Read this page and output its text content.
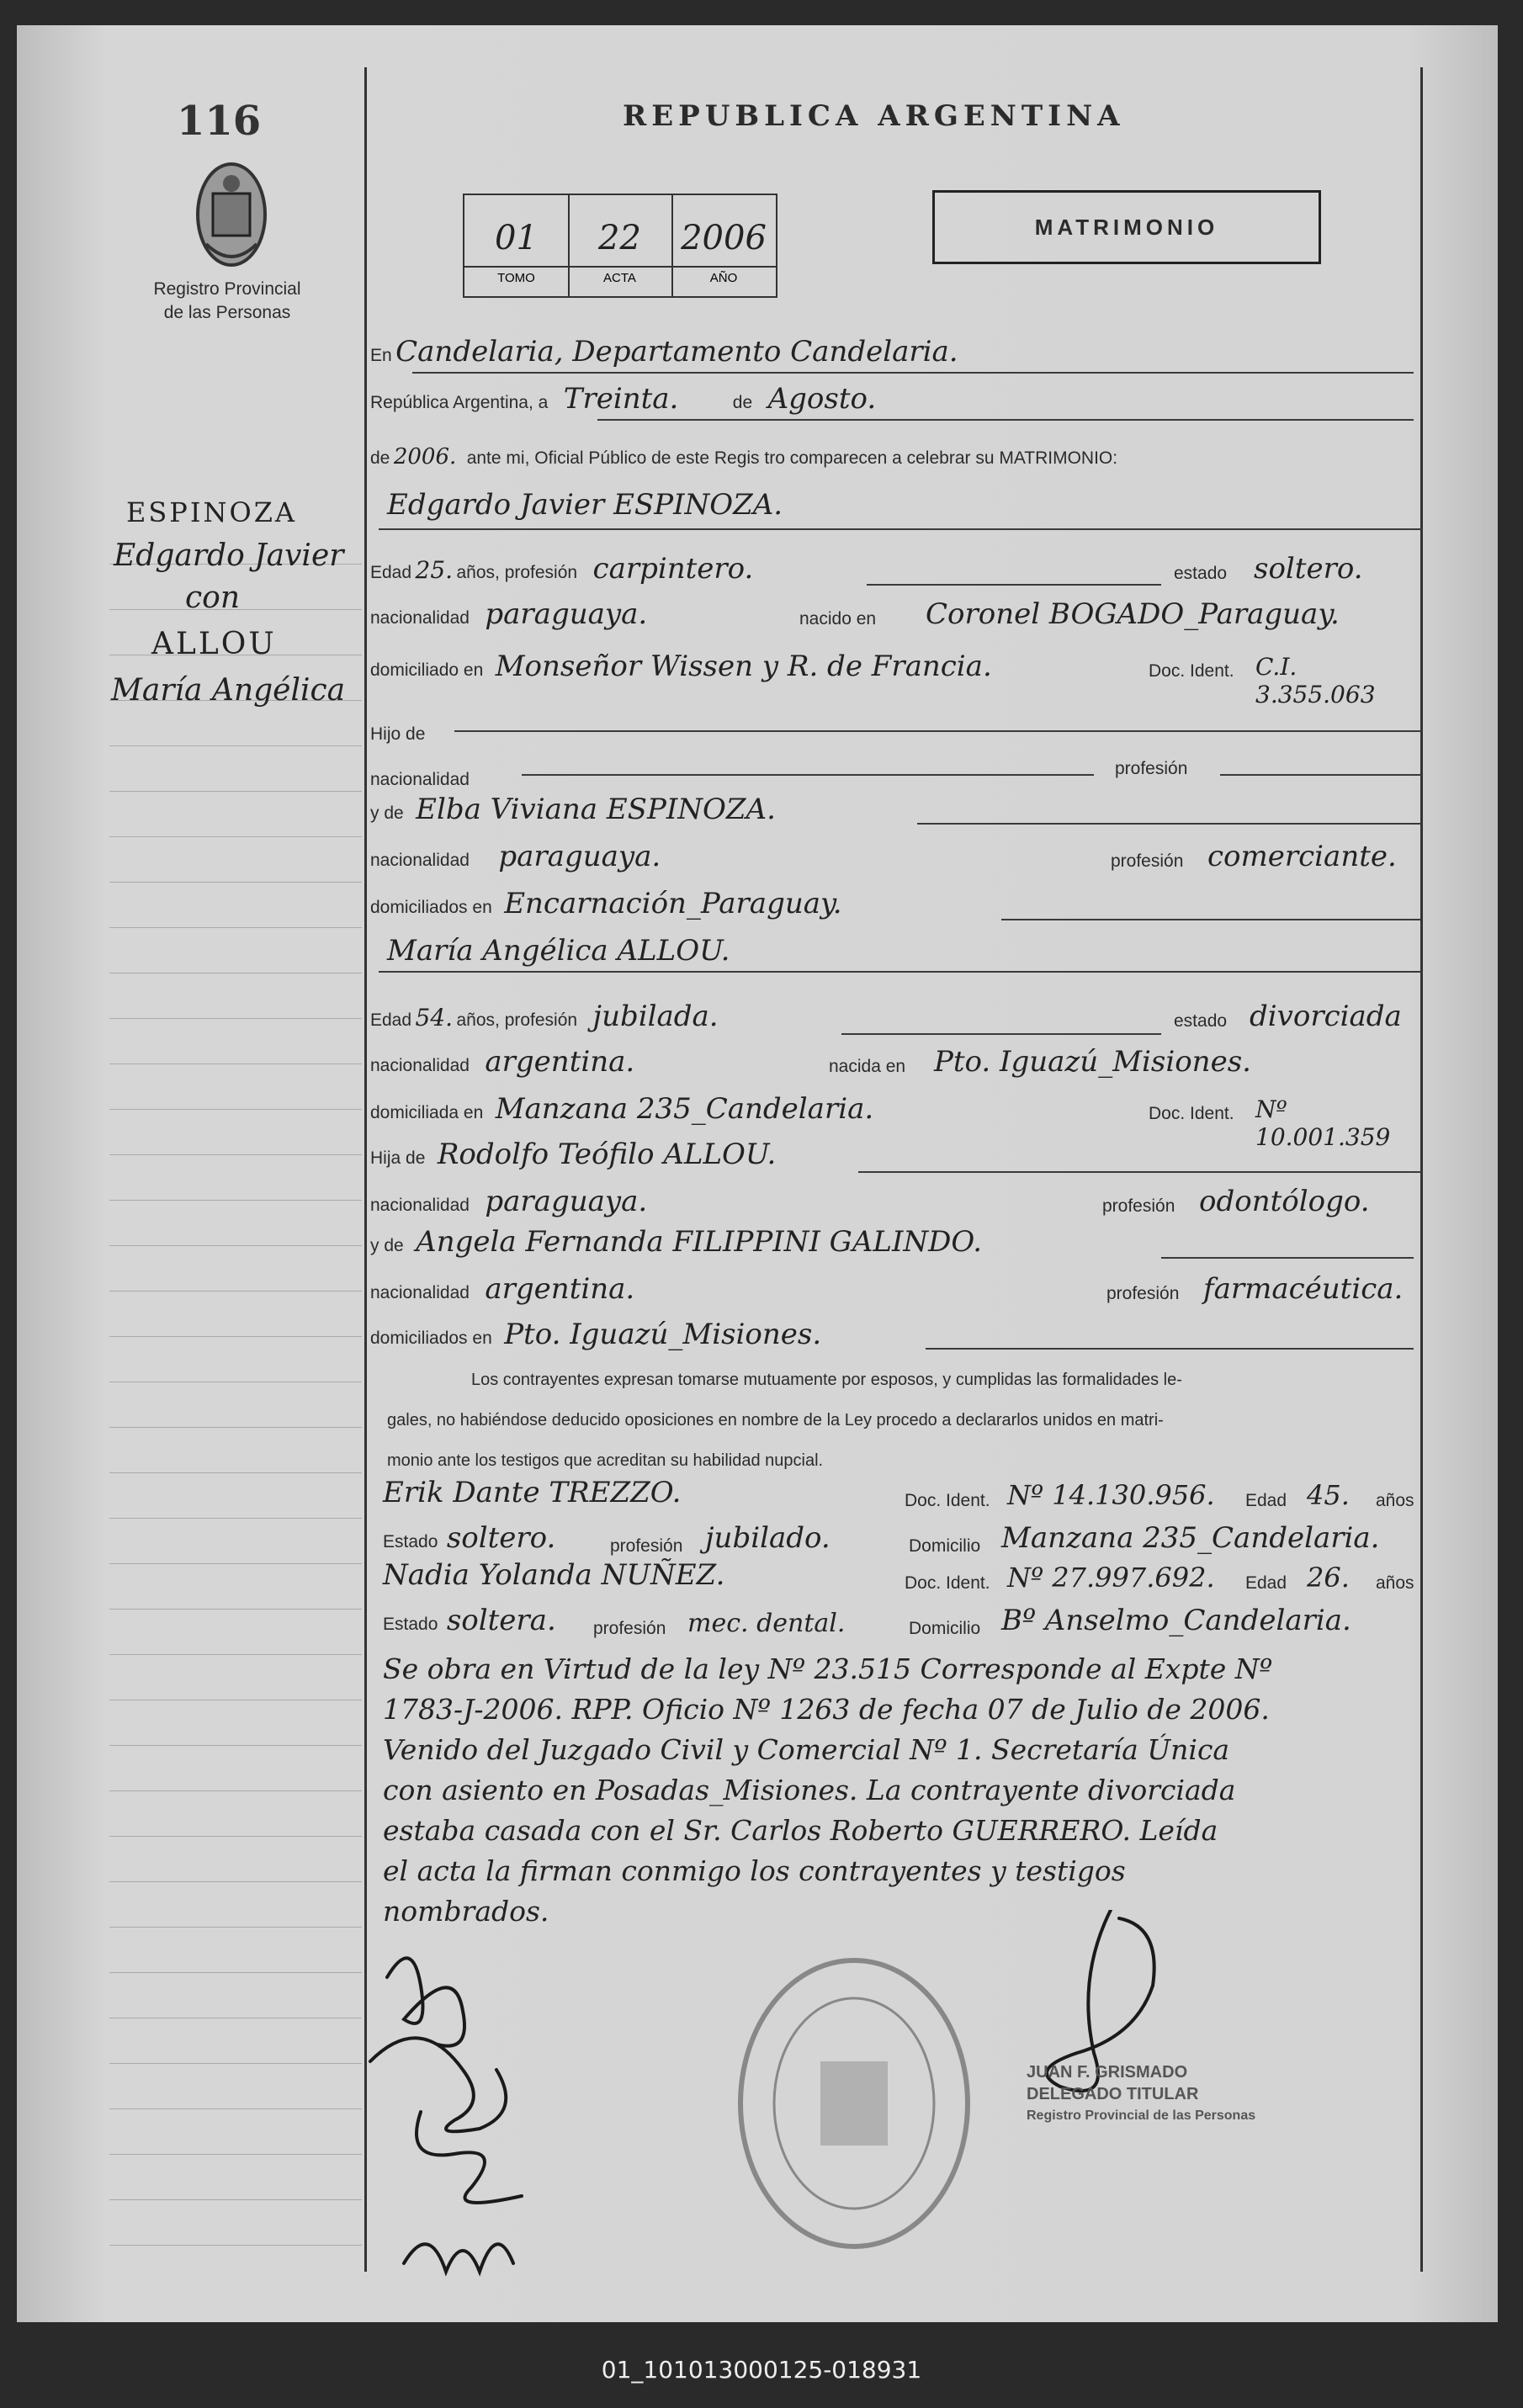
116
Registro Provincial de las Personas
REPUBLICA ARGENTINA
01
TOMO
22
ACTA
2006
AÑO
MATRIMONIO
ESPINOZA
Edgardo Javier
con
ALLOU
María Angélica
En Candelaria, Departamento Candelaria.
República Argentina, a Treinta.	de Agosto.
de 2006. ante mi, Oficial Público de este Regis tro comparecen a celebrar su MATRIMONIO:
Edgardo Javier ESPINOZA.
Edad 25. años, profesión carpintero.	estado soltero.
nacionalidad paraguaya.	nacido en Coronel BOGADO_Paraguay.
domiciliado en Monseñor Wissen y R. de Francia.	Doc. Ident. C.I. 3.355.063
Hijo de
nacionalidad
profesión
y de Elba Viviana ESPINOZA.
nacionalidad paraguaya.	profesión comerciante.
domiciliados en Encarnación_Paraguay.
María Angélica ALLOU.
Edad 54. años, profesión jubilada.	estado divorciada
nacionalidad argentina.	nacida en Pto. Iguazú_Misiones.
domiciliada en Manzana 235_Candelaria.	Doc. Ident. Nº 10.001.359
Hija de Rodolfo Teófilo ALLOU.
nacionalidad paraguaya.	profesión odontólogo.
y de Angela Fernanda FILIPPINI GALINDO.
nacionalidad argentina.	profesión farmacéutica.
domiciliados en Pto. Iguazú_Misiones.
Los contrayentes expresan tomarse mutuamente por esposos, y cumplidas las formalidades le-
gales, no habiéndose deducido oposiciones en nombre de la Ley procedo a declararlos unidos en matri-
monio ante los testigos que acreditan su habilidad nupcial.
Erik Dante TREZZO.	Doc. Ident. Nº 14.130.956. Edad 45. años
Estado soltero.	profesión jubilado.	Domicilio Manzana 235_Candelaria.
Nadia Yolanda NUÑEZ.	Doc. Ident. Nº 27.997.692. Edad 26. años
Estado soltera. profesión mec. dental.	Domicilio Bº Anselmo_Candelaria.
Se obra en Virtud de la ley Nº 23.515 Corresponde al Expte Nº
1783-J-2006. RPP. Oficio Nº 1263 de fecha 07 de Julio de 2006.
Venido del Juzgado Civil y Comercial Nº 1. Secretaría Única
con asiento en Posadas_Misiones. La contrayente divorciada
estaba casada con el Sr. Carlos Roberto GUERRERO. Leída
el acta la firman conmigo los contrayentes y testigos
nombrados.
JUAN F. GRISMADO
DELEGADO TITULAR
Registro Provincial de las Personas
01_101013000125-018931
